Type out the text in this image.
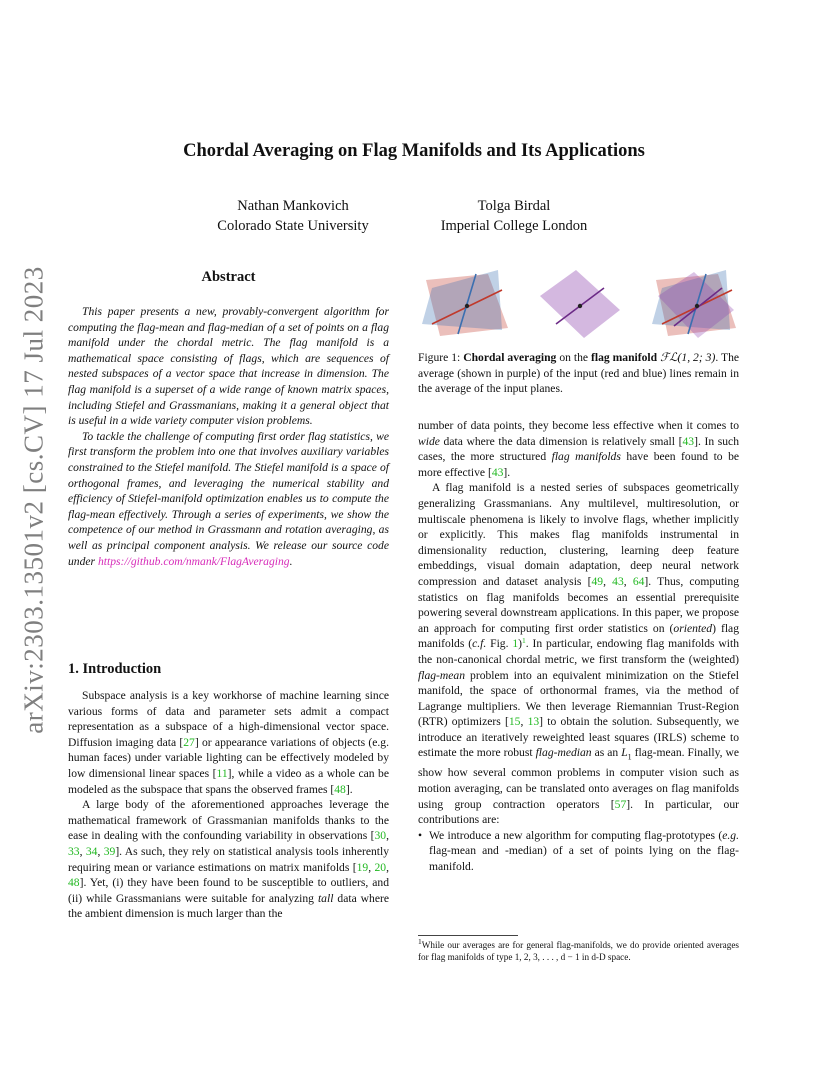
arXiv:2303.13501v2 [cs.CV] 17 Jul 2023
Chordal Averaging on Flag Manifolds and Its Applications
Nathan Mankovich
Colorado State University
Tolga Birdal
Imperial College London
Abstract

This paper presents a new, provably-convergent algorithm for computing the flag-mean and flag-median of a set of points on a flag manifold under the chordal metric. The flag manifold is a mathematical space consisting of flags, which are sequences of nested subspaces of a vector space that increase in dimension. The flag manifold is a superset of a wide range of known matrix spaces, including Stiefel and Grassmanians, making it a general object that is useful in a wide variety computer vision problems.

To tackle the challenge of computing first order flag statistics, we first transform the problem into one that involves auxiliary variables constrained to the Stiefel manifold. The Stiefel manifold is a space of orthogonal frames, and leveraging the numerical stability and efficiency of Stiefel-manifold optimization enables us to compute the flag-mean effectively. Through a series of experiments, we show the competence of our method in Grassmann and rotation averaging, as well as principal component analysis. We release our source code under https://github.com/nmank/FlagAveraging.

1. Introduction

Subspace analysis is a key workhorse of machine learning since various forms of data and parameter sets admit a compact representation as a subspace of a high-dimensional vector space. Diffusion imaging data [27] or appearance variations of objects (e.g. human faces) under variable lighting can be effectively modeled by low dimensional linear spaces [11], while a video as a whole can be modeled as the subspace that spans the observed frames [48].

A large body of the aforementioned approaches leverage the mathematical framework of Grassmanian manifolds thanks to the ease in dealing with the confounding variability in observations [30, 33, 34, 39]. As such, they rely on statistical analysis tools inherently requiring mean or variance estimations on matrix manifolds [19, 20, 48]. Yet, (i) they have been found to be susceptible to outliers, and (ii) while Grassmanians were suitable for analyzing tall data where the ambient dimension is much larger than the

Figure 1: Chordal averaging on the flag manifold ℱℒ(1, 2; 3). The average (shown in purple) of the input (red and blue) lines remain in the average of the input planes.

number of data points, they become less effective when it comes to wide data where the data dimension is relatively small [43]. In such cases, the more structured flag manifolds have been found to be more effective [43].

A flag manifold is a nested series of subspaces geometrically generalizing Grassmanians. Any multilevel, multiresolution, or multiscale phenomena is likely to involve flags, whether implicitly or explicitly. This makes flag manifolds instrumental in dimensionality reduction, clustering, learning deep feature embeddings, visual domain adaptation, deep neural network compression and dataset analysis [49, 43, 64]. Thus, computing statistics on flag manifolds becomes an essential prerequisite powering several downstream applications. In this paper, we propose an approach for computing first order statistics on (oriented) flag manifolds (c.f. Fig. 1)$^1$. In particular, endowing flag manifolds with the non-canonical chordal metric, we first transform the (weighted) flag-mean problem into an equivalent minimization on the Stiefel manifold, the space of orthonormal frames, via the method of Lagrange multipliers. We then leverage Riemannian Trust-Region (RTR) optimizers [15, 13] to obtain the solution. Subsequently, we introduce an iteratively reweighted least squares (IRLS) scheme to estimate the more robust flag-median as an $L_1$ flag-mean. Finally, we show how several common problems in computer vision such as motion averaging, can be translated onto averages on flag manifolds using group contraction operators [57]. In particular, our contributions are:

• We introduce a new algorithm for computing flag-prototypes (e.g. flag-mean and -median) of a set of points lying on the flag-manifold.
$^1$While our averages are for general flag-manifolds, we do provide oriented averages for flag manifolds of type 1, 2, 3, . . . , d − 1 in d-D space.
